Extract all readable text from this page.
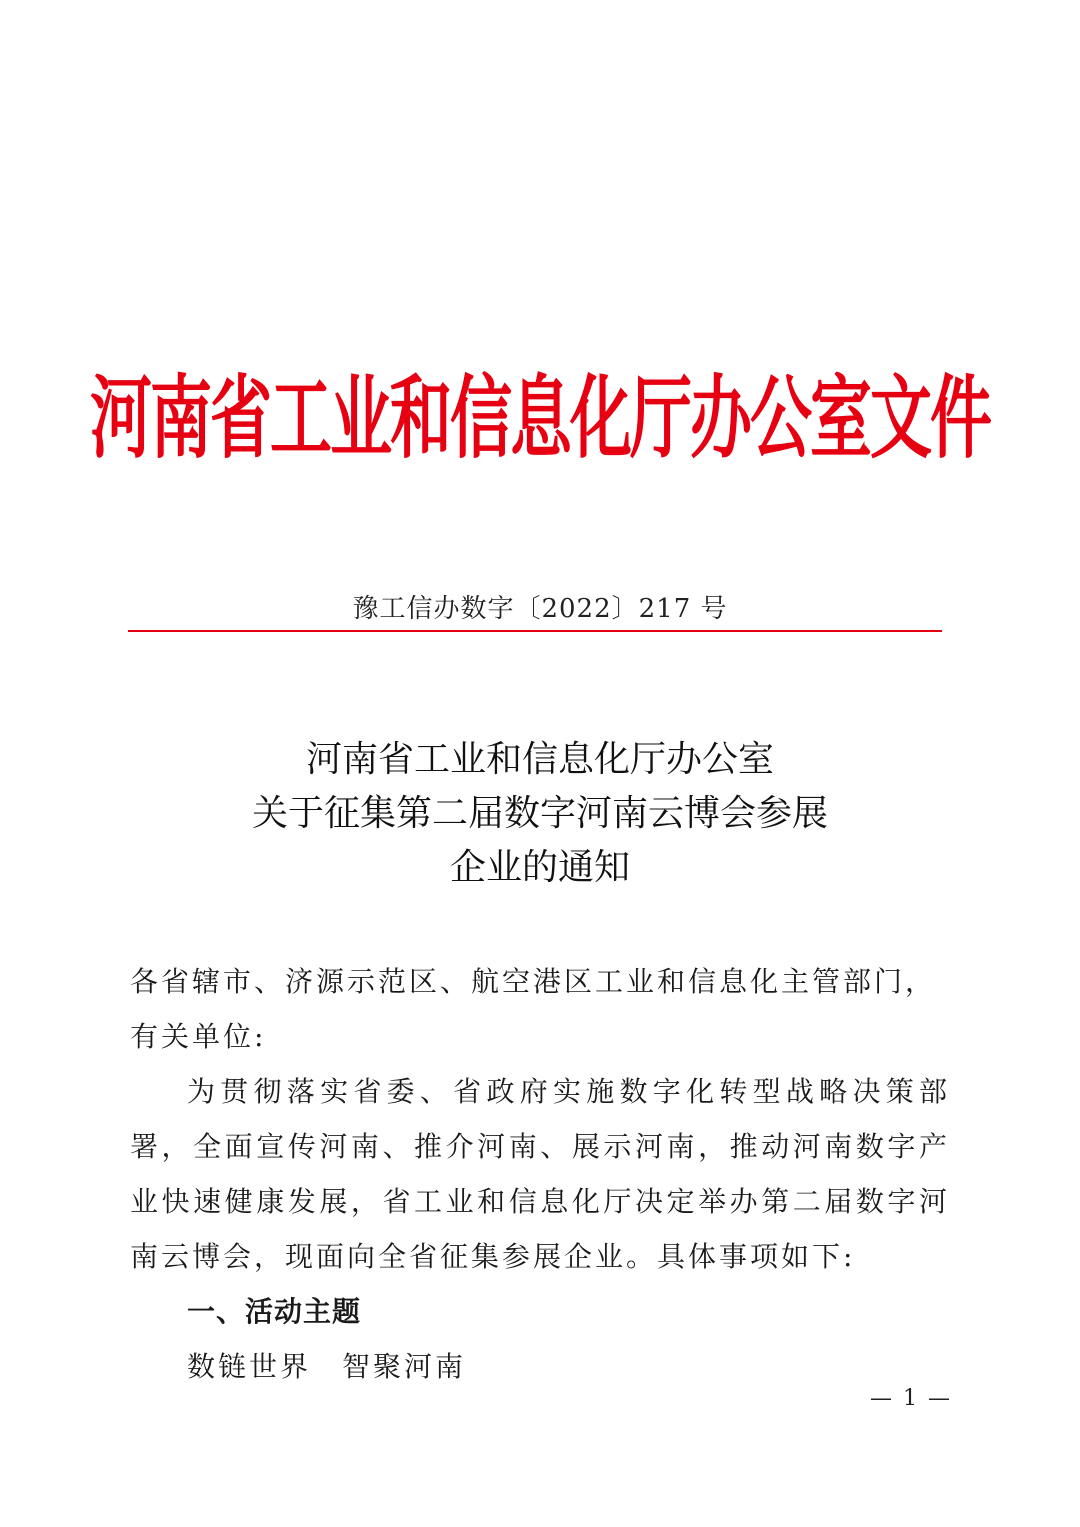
河南省工业和信息化厅办公室文件
豫工信办数字〔2022〕217 号
河南省工业和信息化厅办公室
关于征集第二届数字河南云博会参展
企业的通知

各省辖市、济源示范区、航空港区工业和信息化主管部门，有关单位:

为贯彻落实省委、省政府实施数字化转型战略决策部署，全面宣传河南、推介河南、展示河南，推动河南数字产业快速健康发展，省工业和信息化厅决定举办第二届数字河南云博会，现面向全省征集参展企业。具体事项如下:

一、活动主题

数链世界　智聚河南

— 1 —
